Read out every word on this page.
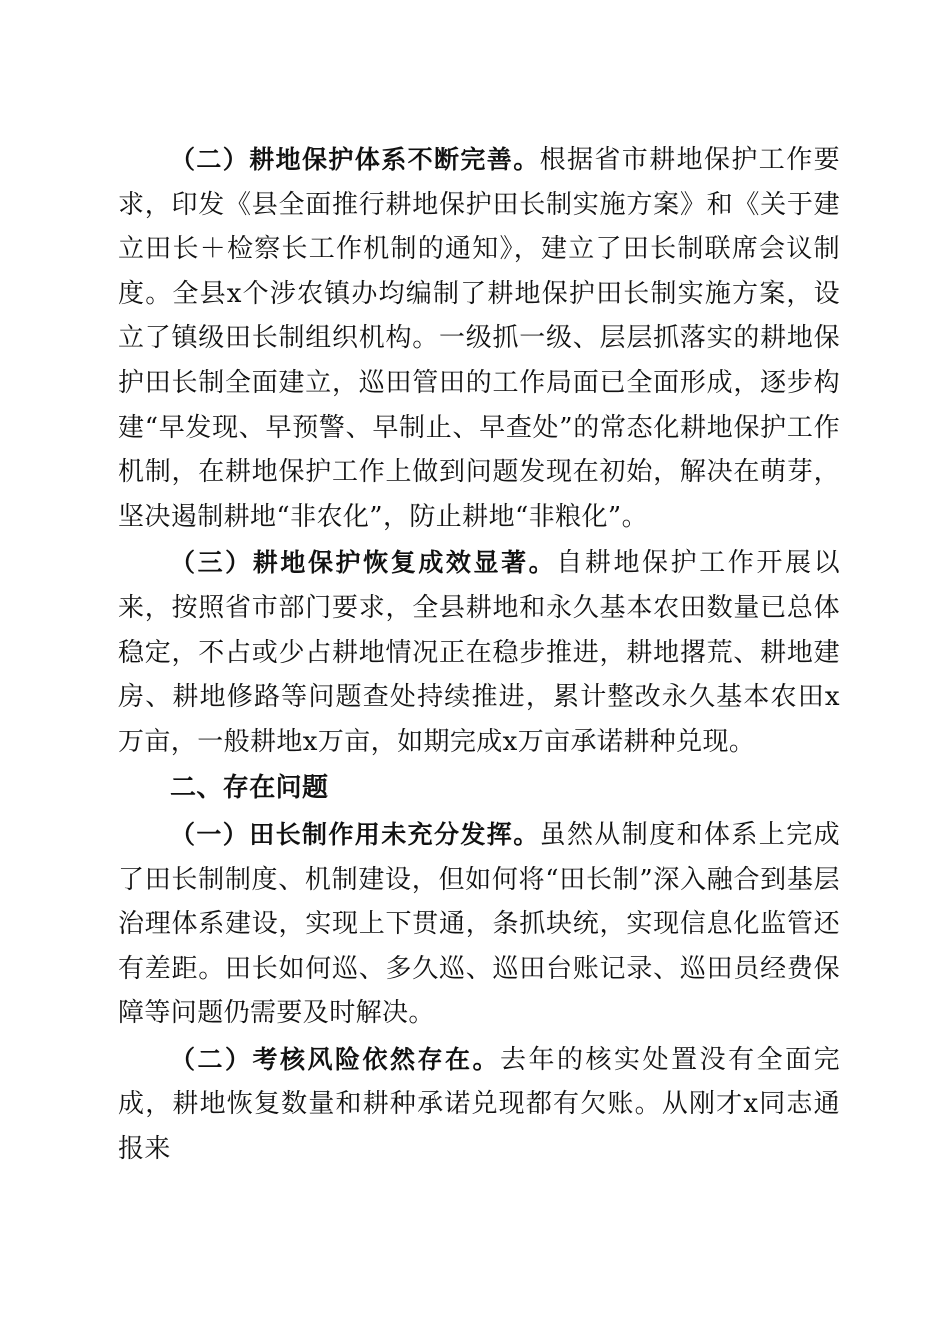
（二）耕地保护体系不断完善。根据省市耕地保护工作要求，印发《县全面推行耕地保护田长制实施方案》和《关于建立田长＋检察长工作机制的通知》，建立了田长制联席会议制度。全县x个涉农镇办均编制了耕地保护田长制实施方案，设立了镇级田长制组织机构。一级抓一级、层层抓落实的耕地保护田长制全面建立，巡田管田的工作局面已全面形成，逐步构建“早发现、早预警、早制止、早查处”的常态化耕地保护工作机制，在耕地保护工作上做到问题发现在初始，解决在萌芽，坚决遏制耕地“非农化”，防止耕地“非粮化”。

（三）耕地保护恢复成效显著。自耕地保护工作开展以来，按照省市部门要求，全县耕地和永久基本农田数量已总体稳定，不占或少占耕地情况正在稳步推进，耕地撂荒、耕地建房、耕地修路等问题查处持续推进，累计整改永久基本农田x万亩，一般耕地x万亩，如期完成x万亩承诺耕种兑现。

二、存在问题

（一）田长制作用未充分发挥。虽然从制度和体系上完成了田长制制度、机制建设，但如何将“田长制”深入融合到基层治理体系建设，实现上下贯通，条抓块统，实现信息化监管还有差距。田长如何巡、多久巡、巡田台账记录、巡田员经费保障等问题仍需要及时解决。

（二）考核风险依然存在。去年的核实处置没有全面完成，耕地恢复数量和耕种承诺兑现都有欠账。从刚才x同志通报来
